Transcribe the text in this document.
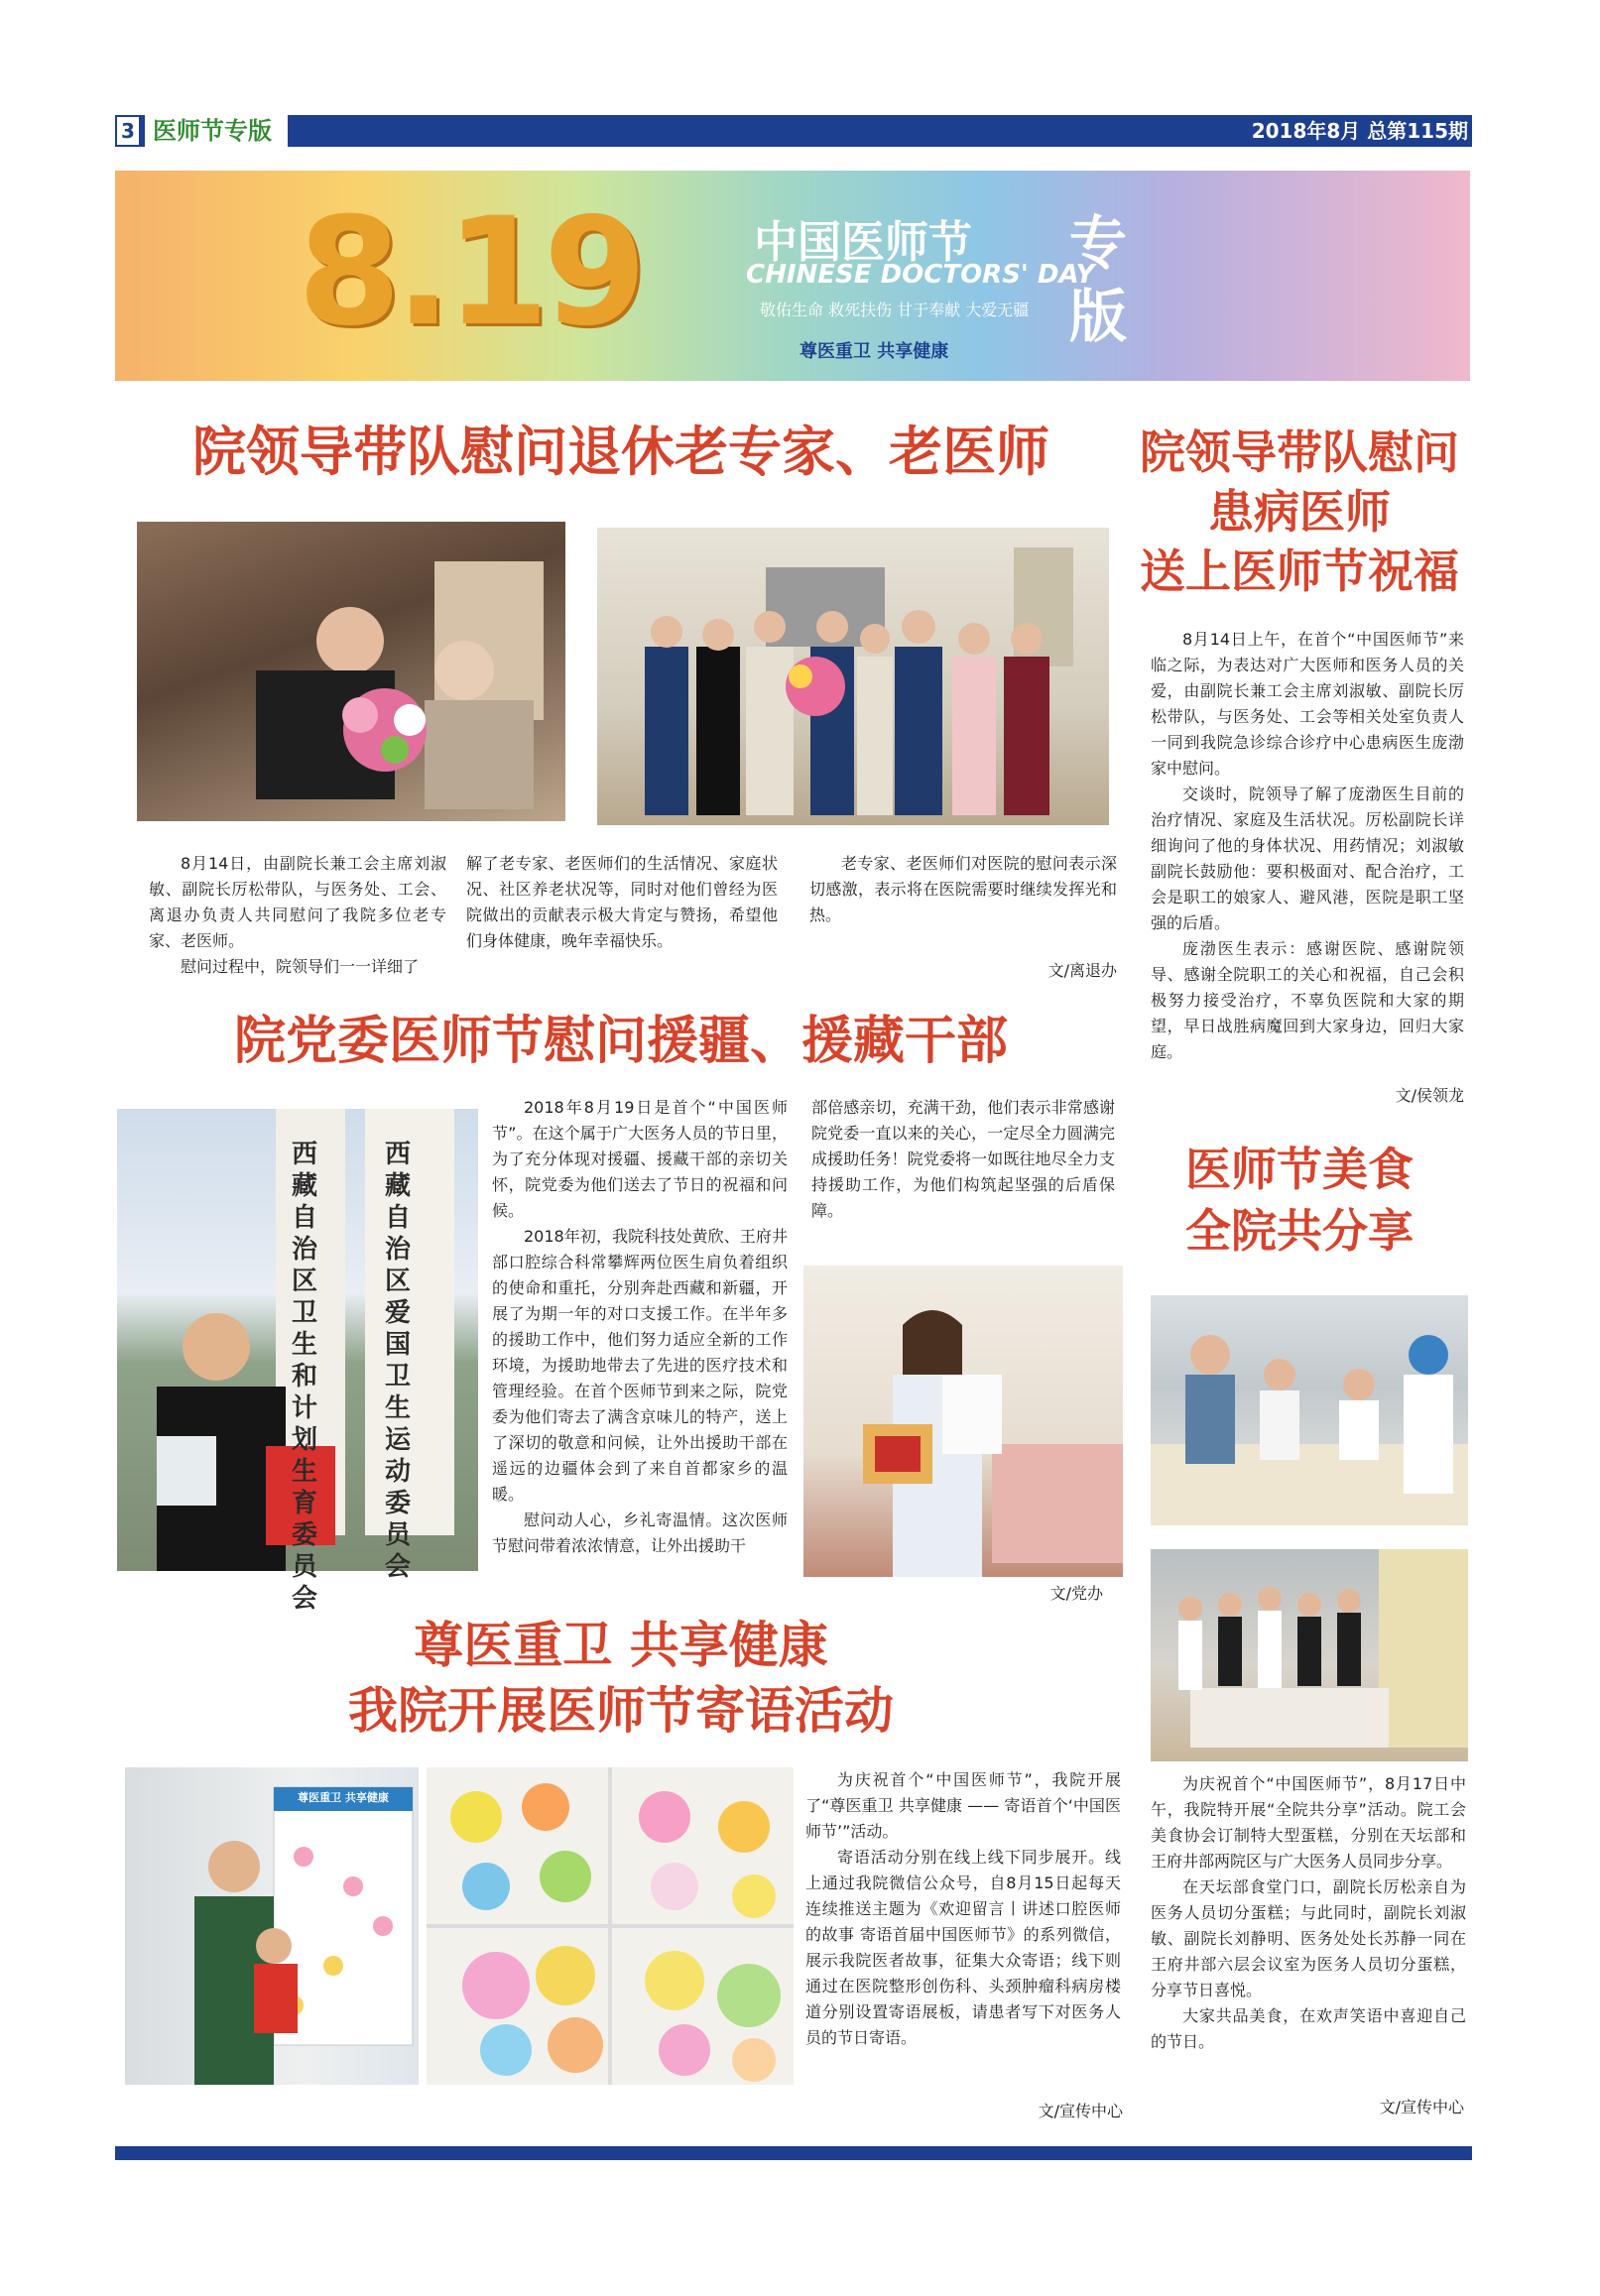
3 医师节专版	2018年8月 总第115期
8.19	中国医师节
CHINESE DOCTORS' DAY
敬佑生命 救死扶伤 甘于奉献 大爱无疆
尊医重卫 共享健康
专版
院领导带队慰问退休老专家、老医师

8月14日，由副院长兼工会主席刘淑敏、副院长厉松带队，与医务处、工会、离退办负责人共同慰问了我院多位老专家、老医师。

慰问过程中，院领导们一一详细了

解了老专家、老医师们的生活情况、家庭状况、社区养老状况等，同时对他们曾经为医院做出的贡献表示极大肯定与赞扬，希望他们身体健康，晚年幸福快乐。

老专家、老医师们对医院的慰问表示深切感激，表示将在医院需要时继续发挥光和热。

文/离退办
院领导带队慰问
患病医师
送上医师节祝福

8月14日上午，在首个“中国医师节”来临之际，为表达对广大医师和医务人员的关爱，由副院长兼工会主席刘淑敏、副院长厉松带队，与医务处、工会等相关处室负责人一同到我院急诊综合诊疗中心患病医生庞渤家中慰问。

交谈时，院领导了解了庞渤医生目前的治疗情况、家庭及生活状况。厉松副院长详细询问了他的身体状况、用药情况；刘淑敏副院长鼓励他：要积极面对、配合治疗，工会是职工的娘家人、避风港，医院是职工坚强的后盾。

庞渤医生表示：感谢医院、感谢院领导、感谢全院职工的关心和祝福，自己会积极努力接受治疗，不辜负医院和大家的期望，早日战胜病魔回到大家身边，回归大家庭。

文/侯领龙
院党委医师节慰问援疆、援藏干部
西藏自治区卫生和计划生育委员会
西藏自治区爱国卫生运动委员会

2018年8月19日是首个“中国医师节”。在这个属于广大医务人员的节日里，为了充分体现对援疆、援藏干部的亲切关怀，院党委为他们送去了节日的祝福和问候。

2018年初，我院科技处黄欣、王府井部口腔综合科常攀辉两位医生肩负着组织的使命和重托，分别奔赴西藏和新疆，开展了为期一年的对口支援工作。在半年多的援助工作中，他们努力适应全新的工作环境，为援助地带去了先进的医疗技术和管理经验。在首个医师节到来之际，院党委为他们寄去了满含京味儿的特产，送上了深切的敬意和问候，让外出援助干部在遥远的边疆体会到了来自首都家乡的温暖。

慰问动人心，乡礼寄温情。这次医师节慰问带着浓浓情意，让外出援助干

部倍感亲切，充满干劲，他们表示非常感谢院党委一直以来的关心，一定尽全力圆满完成援助任务！院党委将一如既往地尽全力支持援助工作，为他们构筑起坚强的后盾保障。

文/党办
医师节美食
全院共分享

为庆祝首个“中国医师节”，8月17日中午，我院特开展“全院共分享”活动。院工会美食协会订制特大型蛋糕，分别在天坛部和王府井部两院区与广大医务人员同步分享。

在天坛部食堂门口，副院长厉松亲自为医务人员切分蛋糕；与此同时，副院长刘淑敏、副院长刘静明、医务处处长苏静一同在王府井部六层会议室为医务人员切分蛋糕，分享节日喜悦。

大家共品美食，在欢声笑语中喜迎自己的节日。

文/宣传中心
尊医重卫 共享健康
我院开展医师节寄语活动
尊医重卫 共享健康

为庆祝首个“中国医师节”，我院开展了“尊医重卫 共享健康 —— 寄语首个‘中国医师节’”活动。

寄语活动分别在线上线下同步展开。线上通过我院微信公众号，自8月15日起每天连续推送主题为《欢迎留言丨讲述口腔医师的故事 寄语首届中国医师节》的系列微信，展示我院医者故事，征集大众寄语；线下则通过在医院整形创伤科、头颈肿瘤科病房楼道分别设置寄语展板，请患者写下对医务人员的节日寄语。

文/宣传中心
